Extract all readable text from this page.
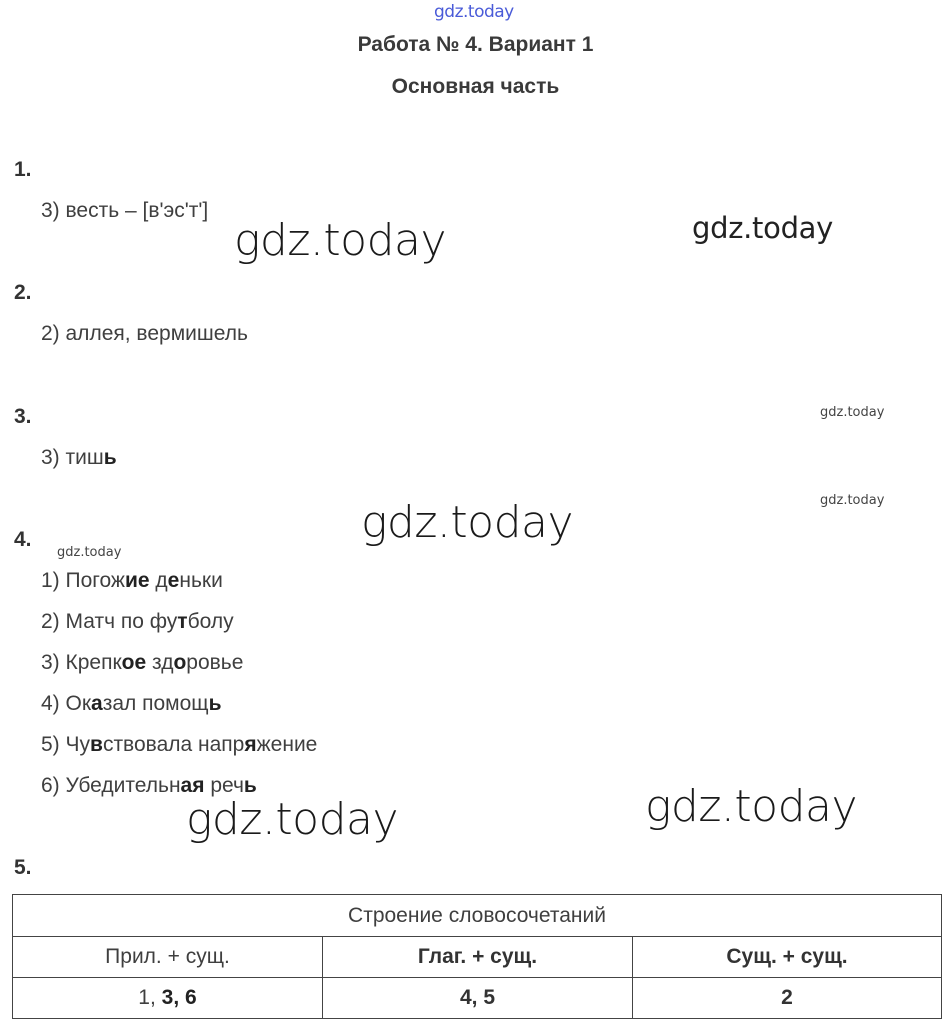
gdz.today
Работа № 4. Вариант 1
Основная часть
1.
3) весть – [в'эс'т']
gdz.today	gdz.today
2.
2) аллея, вермишель
3.	gdz.today
3) тишь
gdz.today
gdz.today
4.
gdz.today
1) Погожие деньки
2) Матч по футболу
3) Крепкое здоровье
4) Оказал помощь
5) Чувствовала напряжение
6) Убедительная речь	gdz.today
gdz.today
5.
Строение словосочетаний		
Прил. + сущ.	Глаг. + сущ.	Сущ. + сущ.
1, 3, 6	4, 5	2
